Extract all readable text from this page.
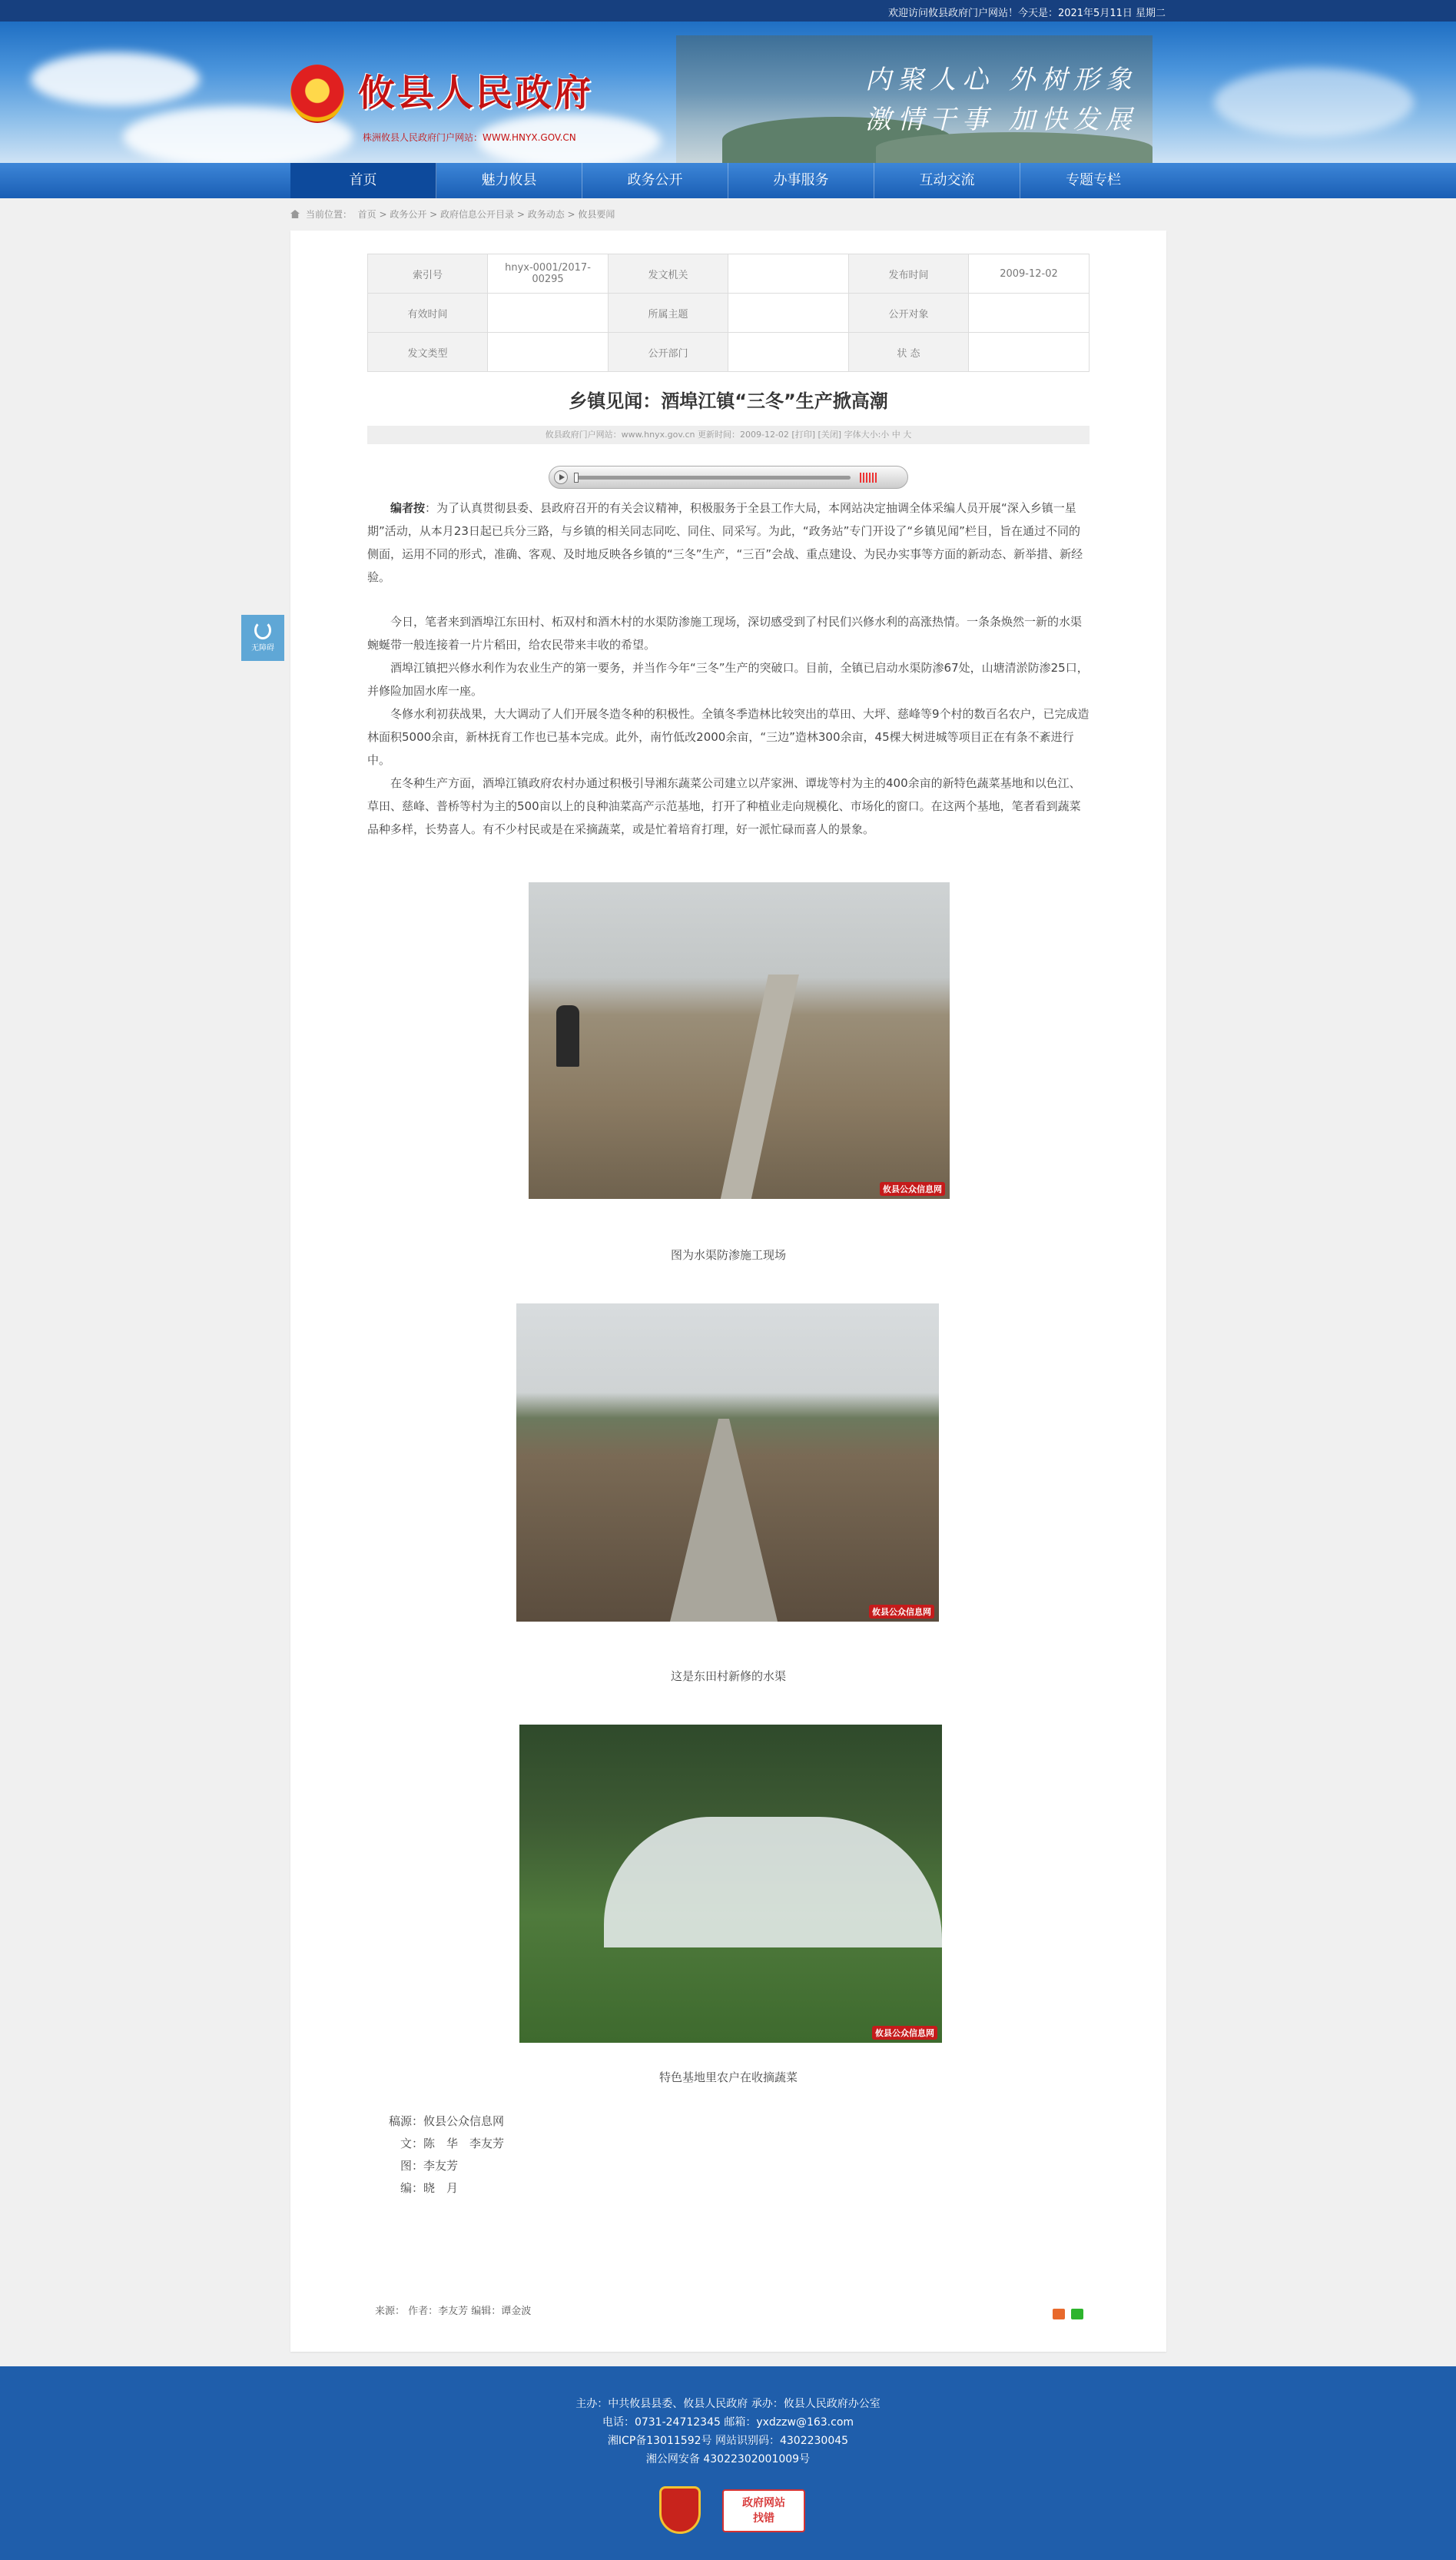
欢迎访问攸县政府门户网站！今天是：2021年5月11日 星期二
攸县人民政府
株洲攸县人民政府门户网站：WWW.HNYX.GOV.CN
内聚人心 外树形象
激情干事 加快发展
首页	魅力攸县	政务公开	办事服务	互动交流	专题专栏
当前位置： 首页 > 政务公开 > 政府信息公开目录 > 政务动态 > 攸县要闻
无障碍
索引号	hnyx-0001/2017-00295	发文机关		发布时间	2009-12-02
有效时间		所属主题		公开对象	
发文类型		公开部门		状 态	
乡镇见闻：酒埠江镇“三冬”生产掀高潮
攸县政府门户网站：www.hnyx.gov.cn 更新时间：2009-12-02 [打印] [关闭] 字体大小:小 中 大

编者按：为了认真贯彻县委、县政府召开的有关会议精神，积极服务于全县工作大局，本网站决定抽调全体采编人员开展“深入乡镇一星期”活动，从本月23日起已兵分三路，与乡镇的相关同志同吃、同住、同采写。为此，“政务站”专门开设了“乡镇见闻”栏目，旨在通过不同的侧面，运用不同的形式，准确、客观、及时地反映各乡镇的“三冬”生产，“三百”会战、重点建设、为民办实事等方面的新动态、新举措、新经验。

今日，笔者来到酒埠江东田村、柘双村和酒木村的水渠防渗施工现场，深切感受到了村民们兴修水利的高涨热情。一条条焕然一新的水渠蜿蜒带一般连接着一片片稻田，给农民带来丰收的希望。

酒埠江镇把兴修水利作为农业生产的第一要务，并当作今年“三冬”生产的突破口。目前，全镇已启动水渠防渗67处，山塘清淤防渗25口，并修险加固水库一座。

冬修水利初获战果，大大调动了人们开展冬造冬种的积极性。全镇冬季造林比较突出的草田、大坪、慈峰等9个村的数百名农户，已完成造林面积5000余亩，新林抚育工作也已基本完成。此外，南竹低改2000余亩，“三边”造林300余亩，45棵大树进城等项目正在有条不紊进行中。

在冬种生产方面，酒埠江镇政府农村办通过积极引导湘东蔬菜公司建立以芹家洲、谭垅等村为主的400余亩的新特色蔬菜基地和以色江、草田、慈峰、普桥等村为主的500亩以上的良种油菜高产示范基地，打开了种植业走向规模化、市场化的窗口。在这两个基地，笔者看到蔬菜品种多样，长势喜人。有不少村民或是在采摘蔬菜，或是忙着培育打理，好一派忙碌而喜人的景象。

攸县公众信息网
图为水渠防渗施工现场
攸县公众信息网
这是东田村新修的水渠
攸县公众信息网
特色基地里农户在收摘蔬菜
稿源：攸县公众信息网
文：陈　华　李友芳
图：李友芳
编：晓　月
来源： 作者：李友芳 编辑：谭金波
主办：中共攸县县委、攸县人民政府 承办：攸县人民政府办公室
电话：0731-24712345 邮箱：yxdzzw@163.com
湘ICP备13011592号 网站识别码：4302230045
湘公网安备 43022302001009号
政府网站
找错
